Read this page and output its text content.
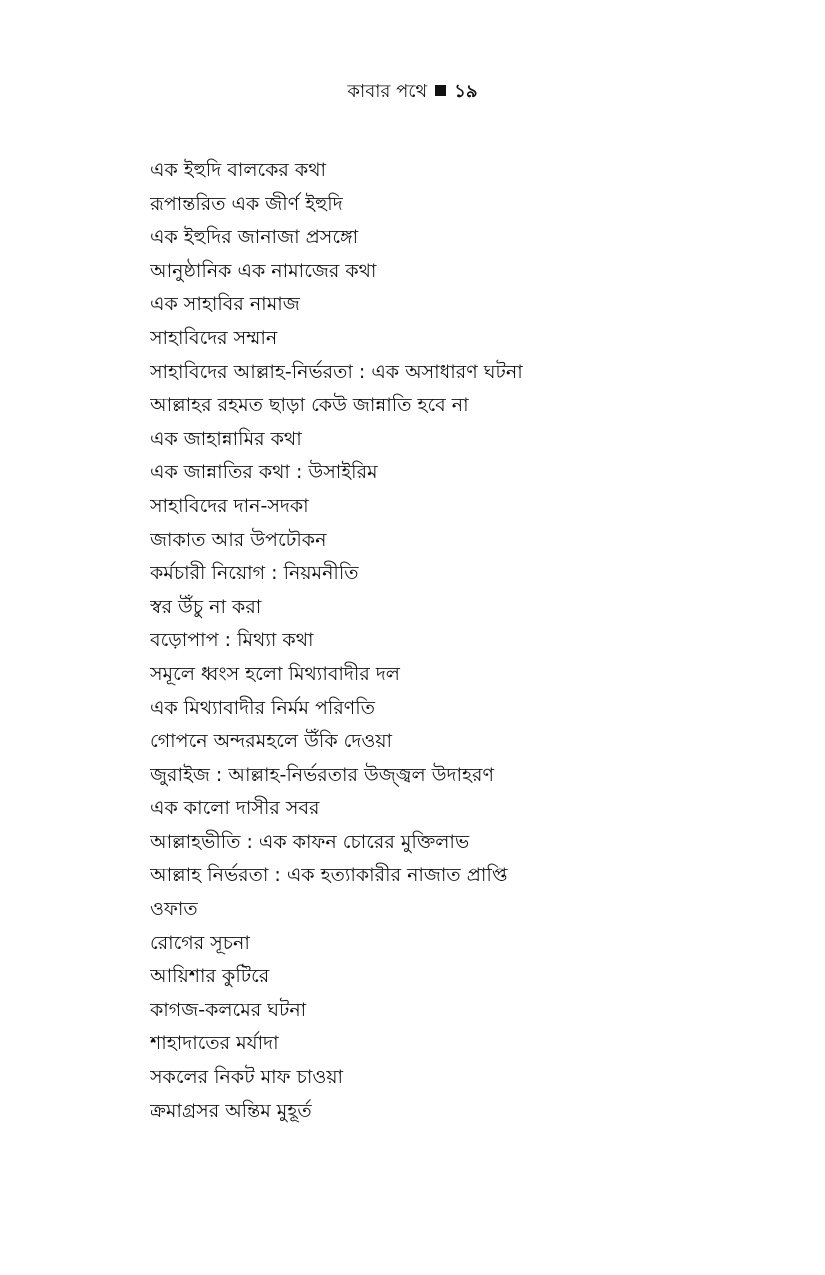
কাবার পথে ১৯
এক ইহুদি বালকের কথা
রূপান্তরিত এক জীর্ণ ইহুদি
এক ইহুদির জানাজা প্রসঙ্গো
আনুষ্ঠানিক এক নামাজের কথা
এক সাহাবির নামাজ
সাহাবিদের সম্মান
সাহাবিদের আল্লাহ-নির্ভরতা : এক অসাধারণ ঘটনা
আল্লাহর রহমত ছাড়া কেউ জান্নাতি হবে না
এক জাহান্নামির কথা
এক জান্নাতির কথা : উসাইরিম
সাহাবিদের দান-সদকা
জাকাত আর উপঢৌকন
কর্মচারী নিয়োগ : নিয়মনীতি
স্বর উঁচু না করা
বড়োপাপ : মিথ্যা কথা
সমূলে ধ্বংস হলো মিথ্যাবাদীর দল
এক মিথ্যাবাদীর নির্মম পরিণতি
গোপনে অন্দরমহলে উঁকি দেওয়া
জুরাইজ : আল্লাহ-নির্ভরতার উজ্জ্বল উদাহরণ
এক কালো দাসীর সবর
আল্লাহভীতি : এক কাফন চোরের মুক্তিলাভ
আল্লাহ নির্ভরতা : এক হত্যাকারীর নাজাত প্রাপ্তি
ওফাত
রোগের সূচনা
আয়িশার কুটিরে
কাগজ-কলমের ঘটনা
শাহাদাতের মর্যাদা
সকলের নিকট মাফ চাওয়া
ক্রমাগ্রসর অন্তিম মুহূর্ত
